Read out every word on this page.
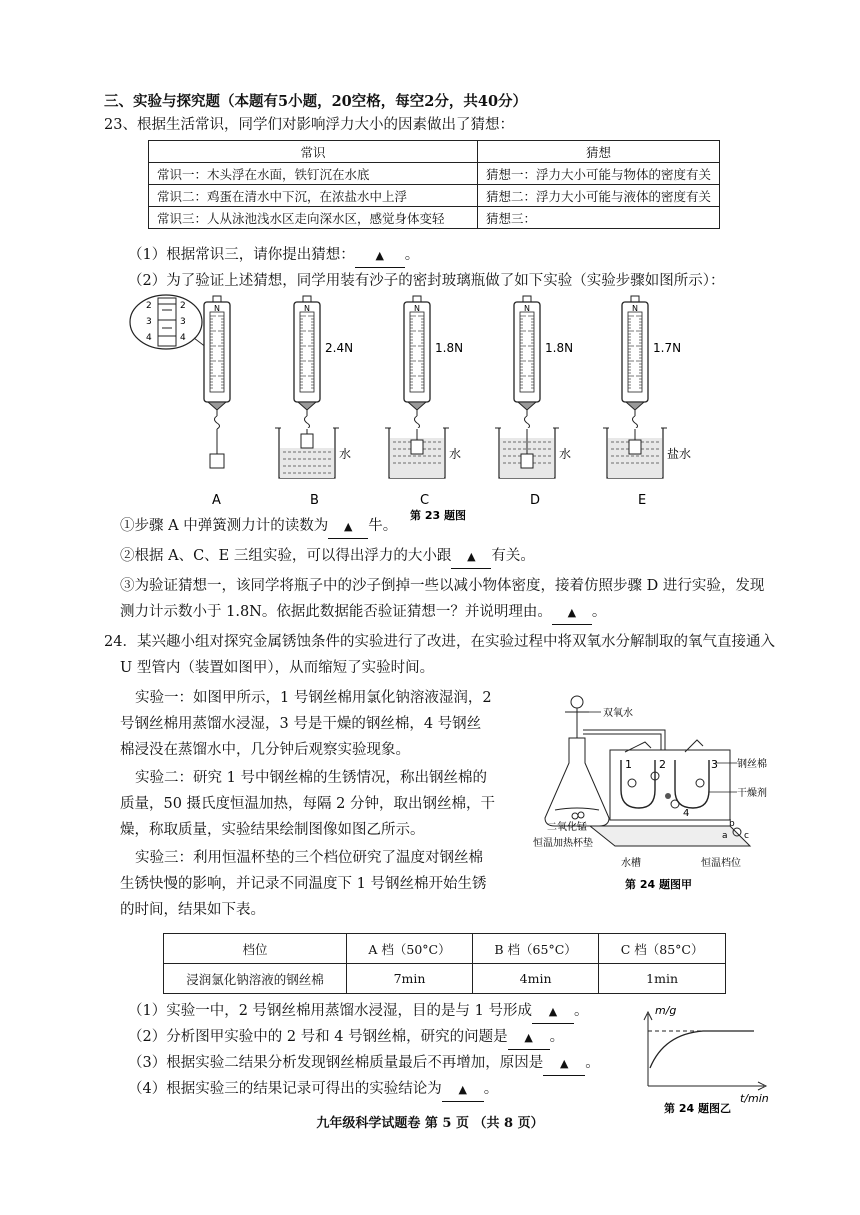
三、实验与探究题（本题有5小题，20空格，每空2分，共40分）
23、根据生活常识，同学们对影响浮力大小的因素做出了猜想：
常识	猜想
常识一：木头浮在水面，铁钉沉在水底	猜想一：浮力大小可能与物体的密度有关
常识二：鸡蛋在清水中下沉，在浓盐水中上浮	猜想二：浮力大小可能与液体的密度有关
常识三：人从泳池浅水区走向深水区，感觉身体变轻	猜想三：
（1）根据常识三，请你提出猜想： ▲ 。
（2）为了验证上述猜想，同学用装有沙子的密封玻璃瓶做了如下实验（实验步骤如图所示）：
2
3
4
2
3
4
N	N
2.4N
水
N
1.8N
水
N
1.8N
水
N
1.7N
盐水
A	B	C	D	E
第 23 题图
①步骤 A 中弹簧测力计的读数为 ▲ 牛。
②根据 A、C、E 三组实验，可以得出浮力的大小跟 ▲ 有关。
③为验证猜想一，该同学将瓶子中的沙子倒掉一些以减小物体密度，接着仿照步骤 D 进行实验，发现
测力计示数小于 1.8N。依据此数据能否验证猜想一？并说明理由。 ▲ 。
24．某兴趣小组对探究金属锈蚀条件的实验进行了改进，在实验过程中将双氧水分解制取的氧气直接通入
U 型管内（装置如图甲），从而缩短了实验时间。
实验一：如图甲所示，1 号钢丝棉用氯化钠溶液湿润，2
号钢丝棉用蒸馏水浸湿，3 号是干燥的钢丝棉，4 号钢丝
棉浸没在蒸馏水中，几分钟后观察实验现象。
实验二：研究 1 号中钢丝棉的生锈情况，称出钢丝棉的
质量，50 摄氏度恒温加热，每隔 2 分钟，取出钢丝棉，干
燥，称取质量，实验结果绘制图像如图乙所示。
实验三：利用恒温杯垫的三个档位研究了温度对钢丝棉
生锈快慢的影响，并记录不同温度下 1 号钢丝棉开始生锈
的时间，结果如下表。
双氧水
1 2	3
4
b
a c
钢丝棉
干燥剂
二氧化锰
恒温加热杯垫
水槽	恒温档位
第 24 题图甲
档位	A 档（50°C）	B 档（65°C）	C 档（85°C）
浸润氯化钠溶液的钢丝棉	7min	4min	1min
（1）实验一中，2 号钢丝棉用蒸馏水浸湿，目的是与 1 号形成 ▲ 。
（2）分析图甲实验中的 2 号和 4 号钢丝棉，研究的问题是 ▲ 。
（3）根据实验二结果分析发现钢丝棉质量最后不再增加，原因是 ▲ 。
（4）根据实验三的结果记录可得出的实验结论为 ▲ 。
m/g
t/min
第 24 题图乙
九年级科学试题卷 第 5 页 （共 8 页）
